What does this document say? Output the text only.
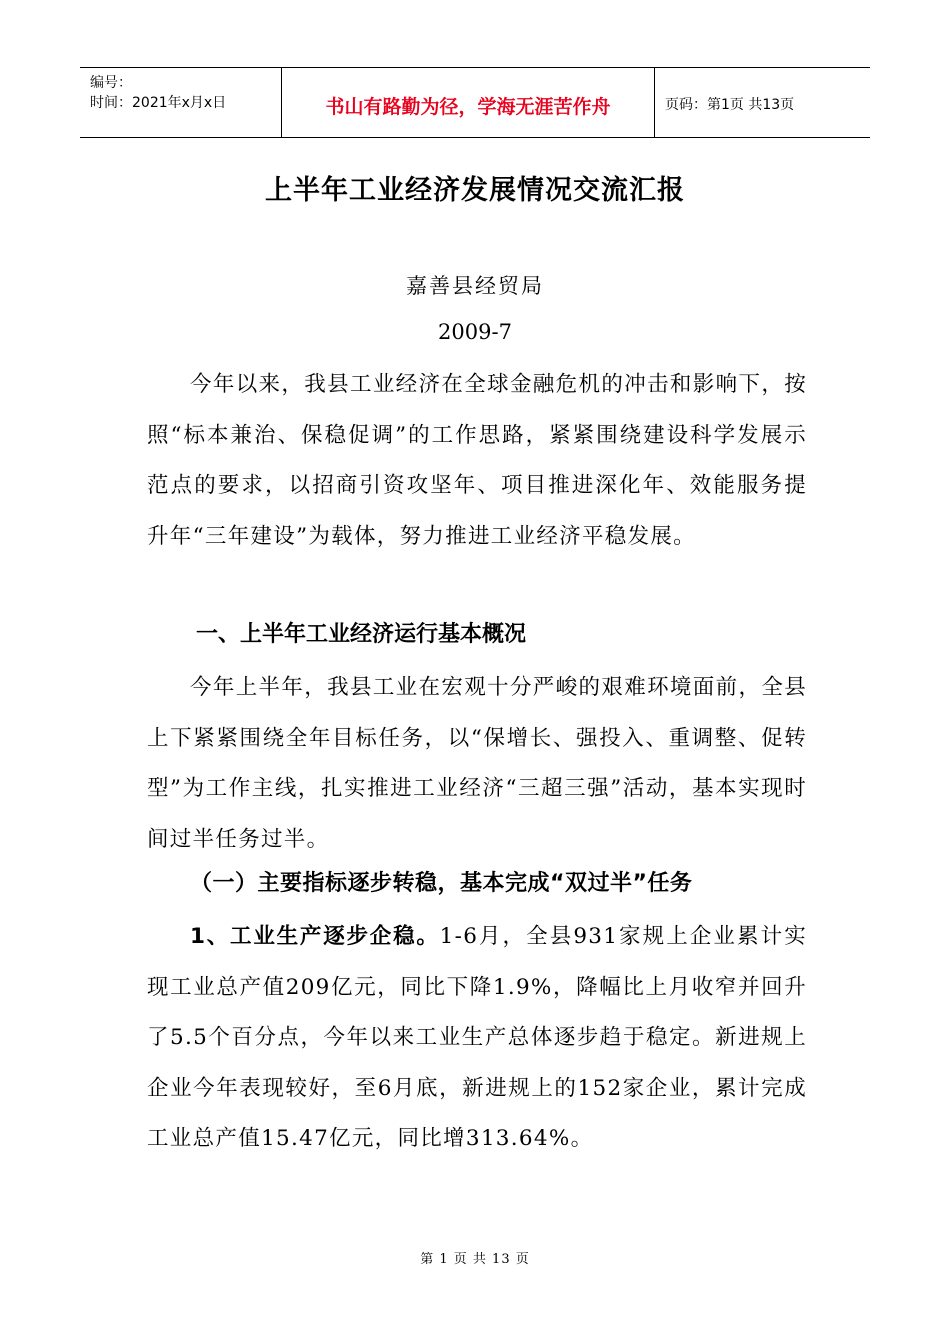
编号：
时间：2021年x月x日	书山有路勤为径，学海无涯苦作舟	页码：第1页 共13页
上半年工业经济发展情况交流汇报
嘉善县经贸局
2009-7

今年以来，我县工业经济在全球金融危机的冲击和影响下，按照“标本兼治、保稳促调”的工作思路，紧紧围绕建设科学发展示范点的要求，以招商引资攻坚年、项目推进深化年、效能服务提升年“三年建设”为载体，努力推进工业经济平稳发展。

一、上半年工业经济运行基本概况

今年上半年，我县工业在宏观十分严峻的艰难环境面前，全县上下紧紧围绕全年目标任务，以“保增长、强投入、重调整、促转型”为工作主线，扎实推进工业经济“三超三强”活动，基本实现时间过半任务过半。

（一）主要指标逐步转稳，基本完成“双过半”任务

1、工业生产逐步企稳。1-6月，全县931家规上企业累计实现工业总产值209亿元，同比下降1.9%，降幅比上月收窄并回升了5.5个百分点，今年以来工业生产总体逐步趋于稳定。新进规上企业今年表现较好，至6月底，新进规上的152家企业，累计完成工业总产值15.47亿元，同比增313.64%。

第 1 页 共 13 页
